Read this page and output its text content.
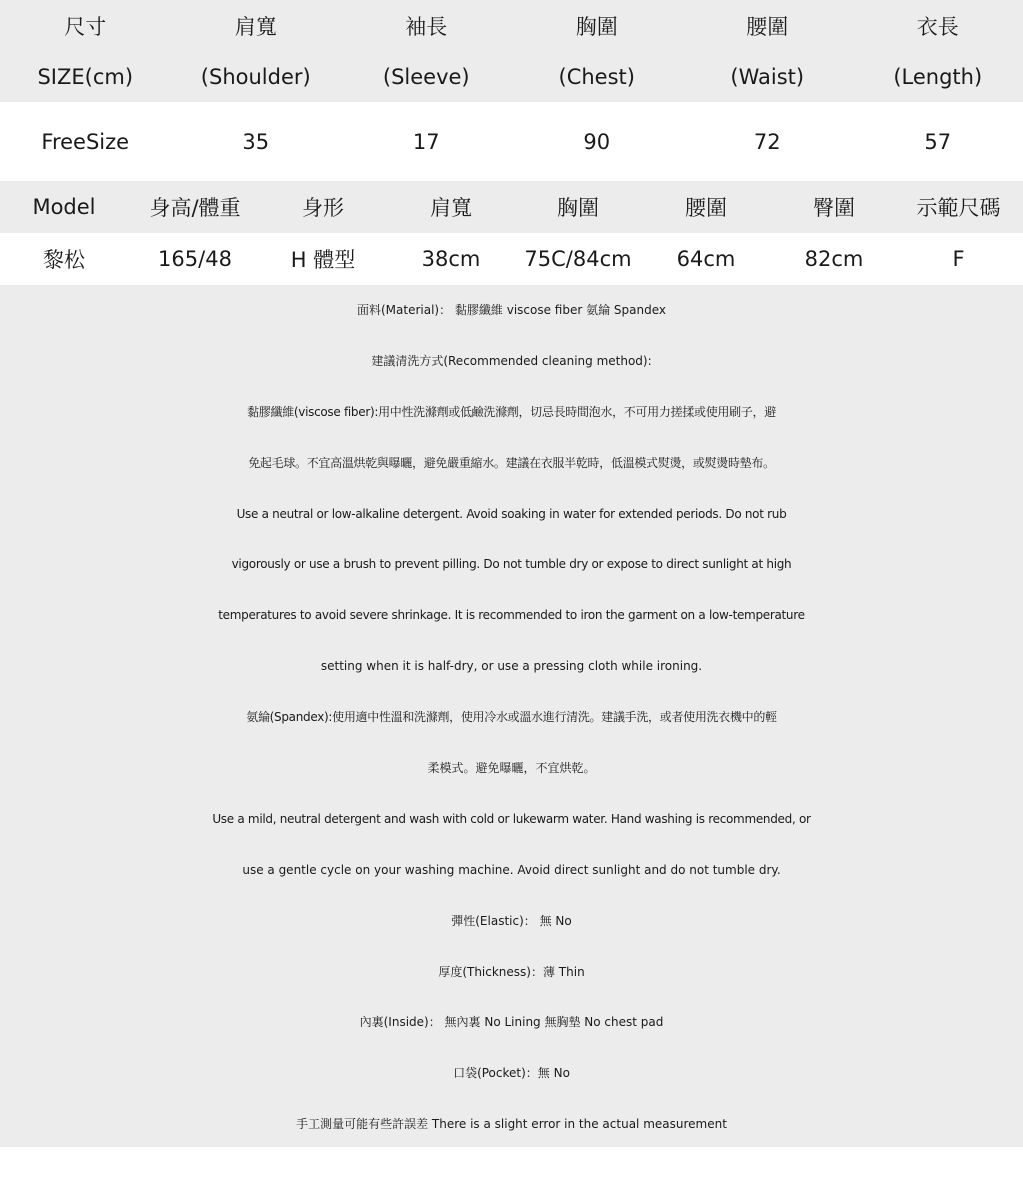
尺寸	肩寬	袖長	胸圍	腰圍	衣長
SIZE(cm)	(Shoulder)	(Sleeve)	(Chest)	(Waist)	(Length)
FreeSize	35	17	90	72	57
Model	身高/體重	身形	肩寬	胸圍	腰圍	臀圍	示範尺碼
黎松	165/48	H 體型	38cm	75C/84cm	64cm	82cm	F

面料(Material)： 黏膠纖維 viscose fiber 氨綸 Spandex

建議清洗方式(Recommended cleaning method):

黏膠纖維(viscose fiber):用中性洗滌劑或低鹼洗滌劑，切忌長時間泡水，不可用力搓揉或使用刷子，避

免起毛球。不宜高溫烘乾與曝曬，避免嚴重縮水。建議在衣服半乾時，低溫模式熨燙，或熨燙時墊布。

Use a neutral or low-alkaline detergent. Avoid soaking in water for extended periods. Do not rub

vigorously or use a brush to prevent pilling. Do not tumble dry or expose to direct sunlight at high

temperatures to avoid severe shrinkage. It is recommended to iron the garment on a low-temperature

setting when it is half-dry, or use a pressing cloth while ironing.

氨綸(Spandex):使用適中性溫和洗滌劑，使用冷水或溫水進行清洗。建議手洗，或者使用洗衣機中的輕

柔模式。避免曝曬，不宜烘乾。

Use a mild, neutral detergent and wash with cold or lukewarm water. Hand washing is recommended, or

use a gentle cycle on your washing machine. Avoid direct sunlight and do not tumble dry.

彈性(Elastic)： 無 No

厚度(Thickness)：薄 Thin

內裏(Inside)： 無內裏 No Lining 無胸墊 No chest pad

口袋(Pocket)：無 No

手工測量可能有些許誤差 There is a slight error in the actual measurement
